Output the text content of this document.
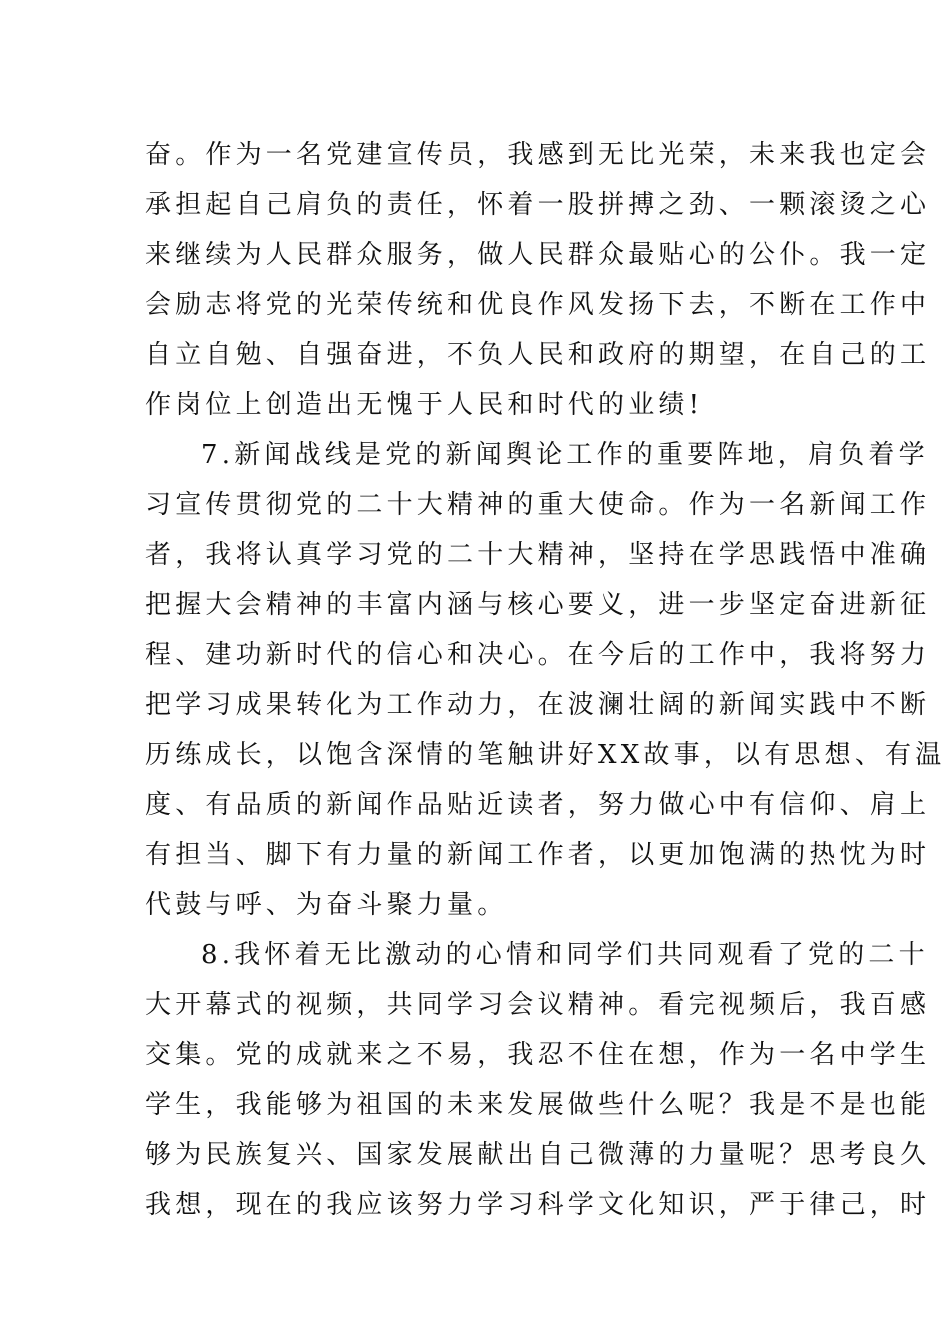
奋。作为一名党建宣传员，我感到无比光荣，未来我也定会
承担起自己肩负的责任，怀着一股拼搏之劲、一颗滚烫之心
来继续为人民群众服务，做人民群众最贴心的公仆。我一定
会励志将党的光荣传统和优良作风发扬下去，不断在工作中
自立自勉、自强奋进，不负人民和政府的期望，在自己的工
作岗位上创造出无愧于人民和时代的业绩!
7.新闻战线是党的新闻舆论工作的重要阵地，肩负着学
习宣传贯彻党的二十大精神的重大使命。作为一名新闻工作
者，我将认真学习党的二十大精神，坚持在学思践悟中准确
把握大会精神的丰富内涵与核心要义，进一步坚定奋进新征
程、建功新时代的信心和决心。在今后的工作中，我将努力
把学习成果转化为工作动力，在波澜壮阔的新闻实践中不断
历练成长，以饱含深情的笔触讲好XX故事，以有思想、有温
度、有品质的新闻作品贴近读者，努力做心中有信仰、肩上
有担当、脚下有力量的新闻工作者，以更加饱满的热忱为时
代鼓与呼、为奋斗聚力量。
8.我怀着无比激动的心情和同学们共同观看了党的二十
大开幕式的视频，共同学习会议精神。看完视频后，我百感
交集。党的成就来之不易，我忍不住在想，作为一名中学生
学生，我能够为祖国的未来发展做些什么呢？我是不是也能
够为民族复兴、国家发展献出自己微薄的力量呢？思考良久
我想，现在的我应该努力学习科学文化知识，严于律己，时
